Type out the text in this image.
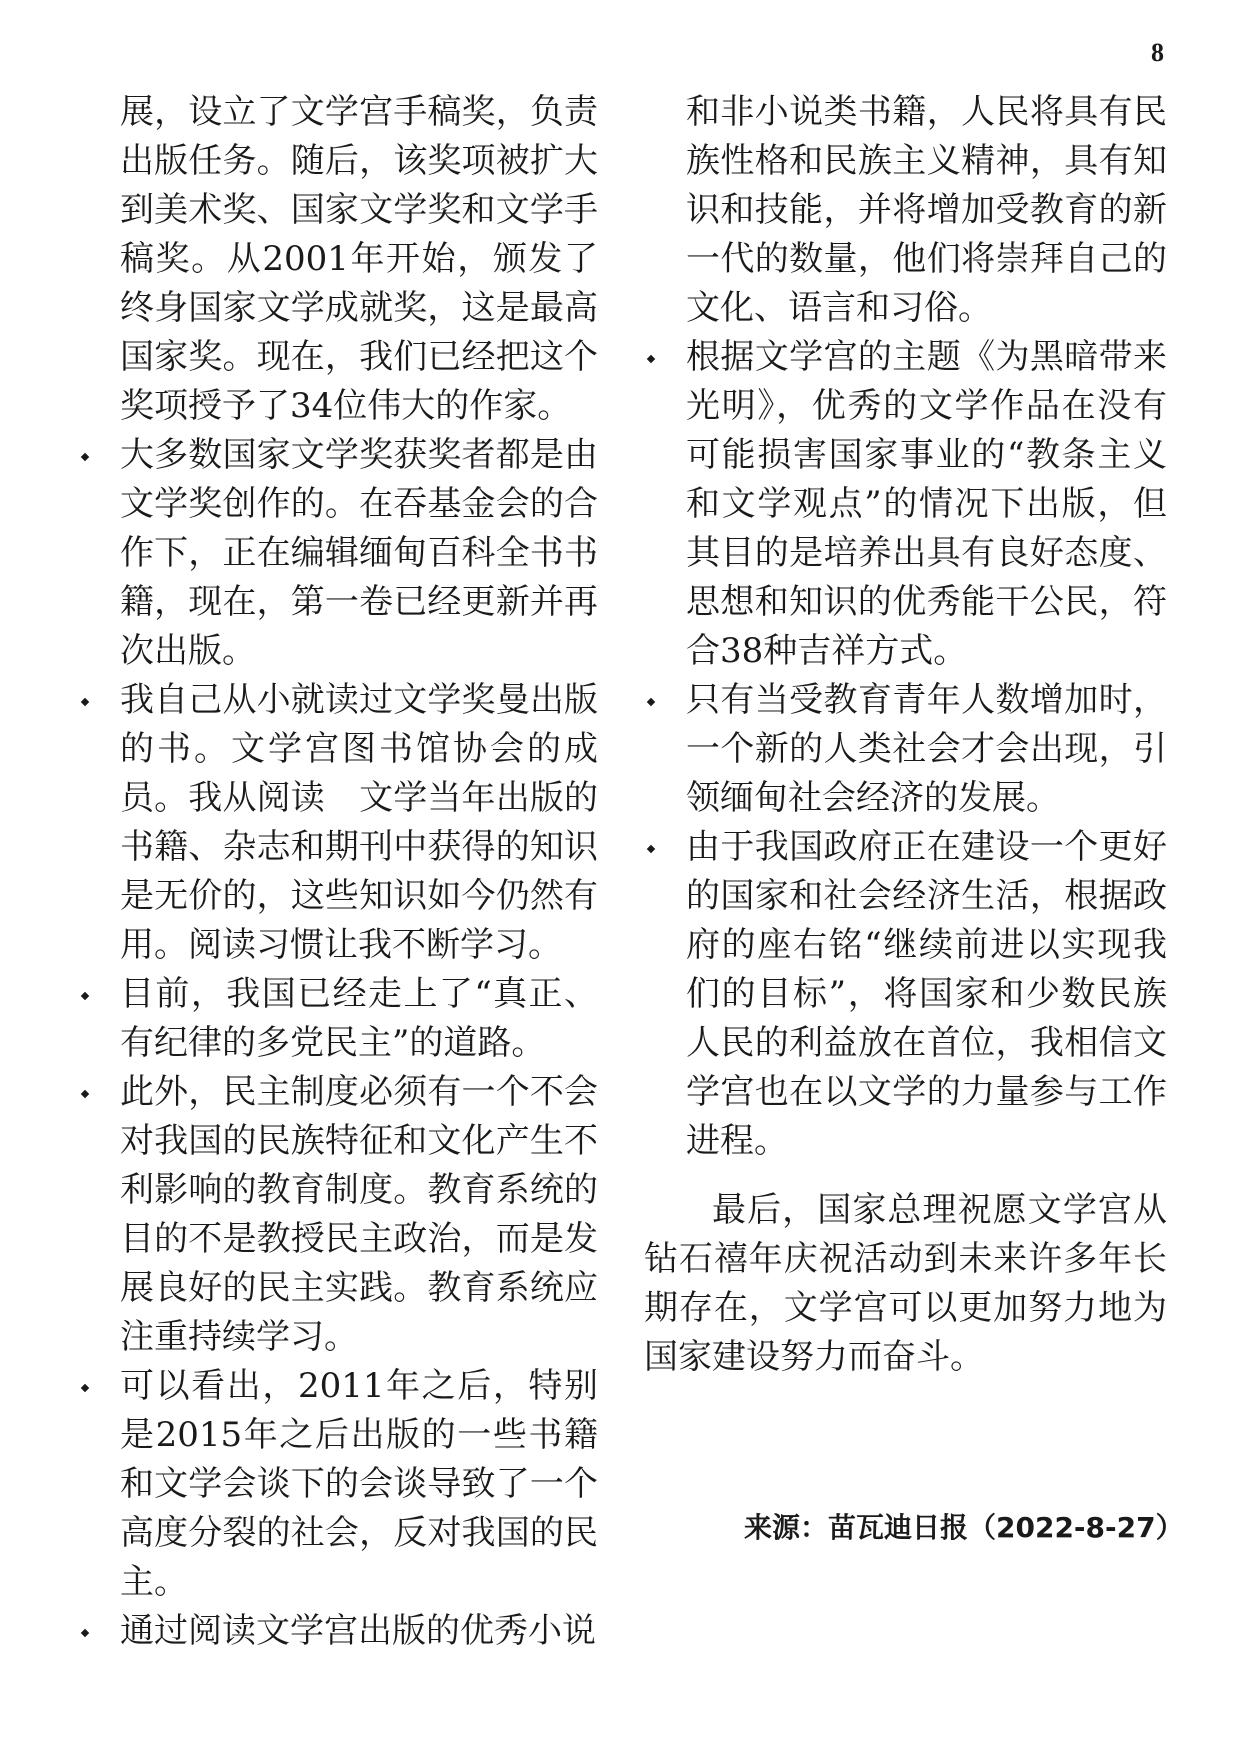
8

展，设立了文学宫手稿奖，负责出版任务。随后，该奖项被扩大到美术奖、国家文学奖和文学手稿奖。从2001年开始，颁发了终身国家文学成就奖，这是最高国家奖。现在，我们已经把这个奖项授予了34位伟大的作家。

大多数国家文学奖获奖者都是由文学奖创作的。在吞基金会的合作下，正在编辑缅甸百科全书书籍，现在，第一卷已经更新并再次出版。
我自己从小就读过文学奖曼出版的书。文学宫图书馆协会的成员。我从阅读　文学当年出版的书籍、杂志和期刊中获得的知识是无价的，这些知识如今仍然有用。阅读习惯让我不断学习。
目前，我国已经走上了“真正、有纪律的多党民主”的道路。
此外，民主制度必须有一个不会对我国的民族特征和文化产生不利影响的教育制度。教育系统的目的不是教授民主政治，而是发展良好的民主实践。教育系统应注重持续学习。
可以看出，2011年之后，特别是2015年之后出版的一些书籍和文学会谈下的会谈导致了一个高度分裂的社会，反对我国的民主。
通过阅读文学宫出版的优秀小说

和非小说类书籍，人民将具有民族性格和民族主义精神，具有知识和技能，并将增加受教育的新一代的数量，他们将崇拜自己的文化、语言和习俗。

根据文学宫的主题《为黑暗带来光明》，优秀的文学作品在没有可能损害国家事业的“教条主义和文学观点”的情况下出版，但其目的是培养出具有良好态度、思想和知识的优秀能干公民，符合38种吉祥方式。
只有当受教育青年人数增加时，一个新的人类社会才会出现，引领缅甸社会经济的发展。
由于我国政府正在建设一个更好的国家和社会经济生活，根据政府的座右铭“继续前进以实现我们的目标”，将国家和少数民族人民的利益放在首位，我相信文学宫也在以文学的力量参与工作进程。

最后，国家总理祝愿文学宫从钻石禧年庆祝活动到未来许多年长期存在，文学宫可以更加努力地为国家建设努力而奋斗。

来源：苗瓦迪日报（2022-8-27）
